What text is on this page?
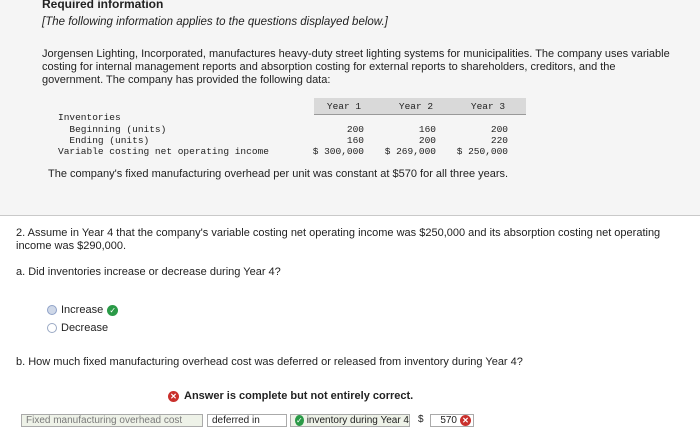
Required information
[The following information applies to the questions displayed below.]

Jorgensen Lighting, Incorporated, manufactures heavy-duty street lighting systems for municipalities. The company uses variable costing for internal management reports and absorption costing for external reports to shareholders, creditors, and the government. The company has provided the following data:

Year 1	Year 2	Year 3
Inventories
Beginning (units)	200	160	200
Ending (units)	160	200	220
Variable costing net operating income	$ 300,000	$ 269,000	$ 250,000
The company's fixed manufacturing overhead per unit was constant at $570 for all three years.

2. Assume in Year 4 that the company's variable costing net operating income was $250,000 and its absorption costing net operating income was $290,000.

a. Did inventories increase or decrease during Year 4?
Increase ✓
Decrease
b. How much fixed manufacturing overhead cost was deferred or released from inventory during Year 4?
✕ Answer is complete but not entirely correct.
Fixed manufacturing overhead cost	deferred in	✓ inventory during Year 4 $ 570 ✕
